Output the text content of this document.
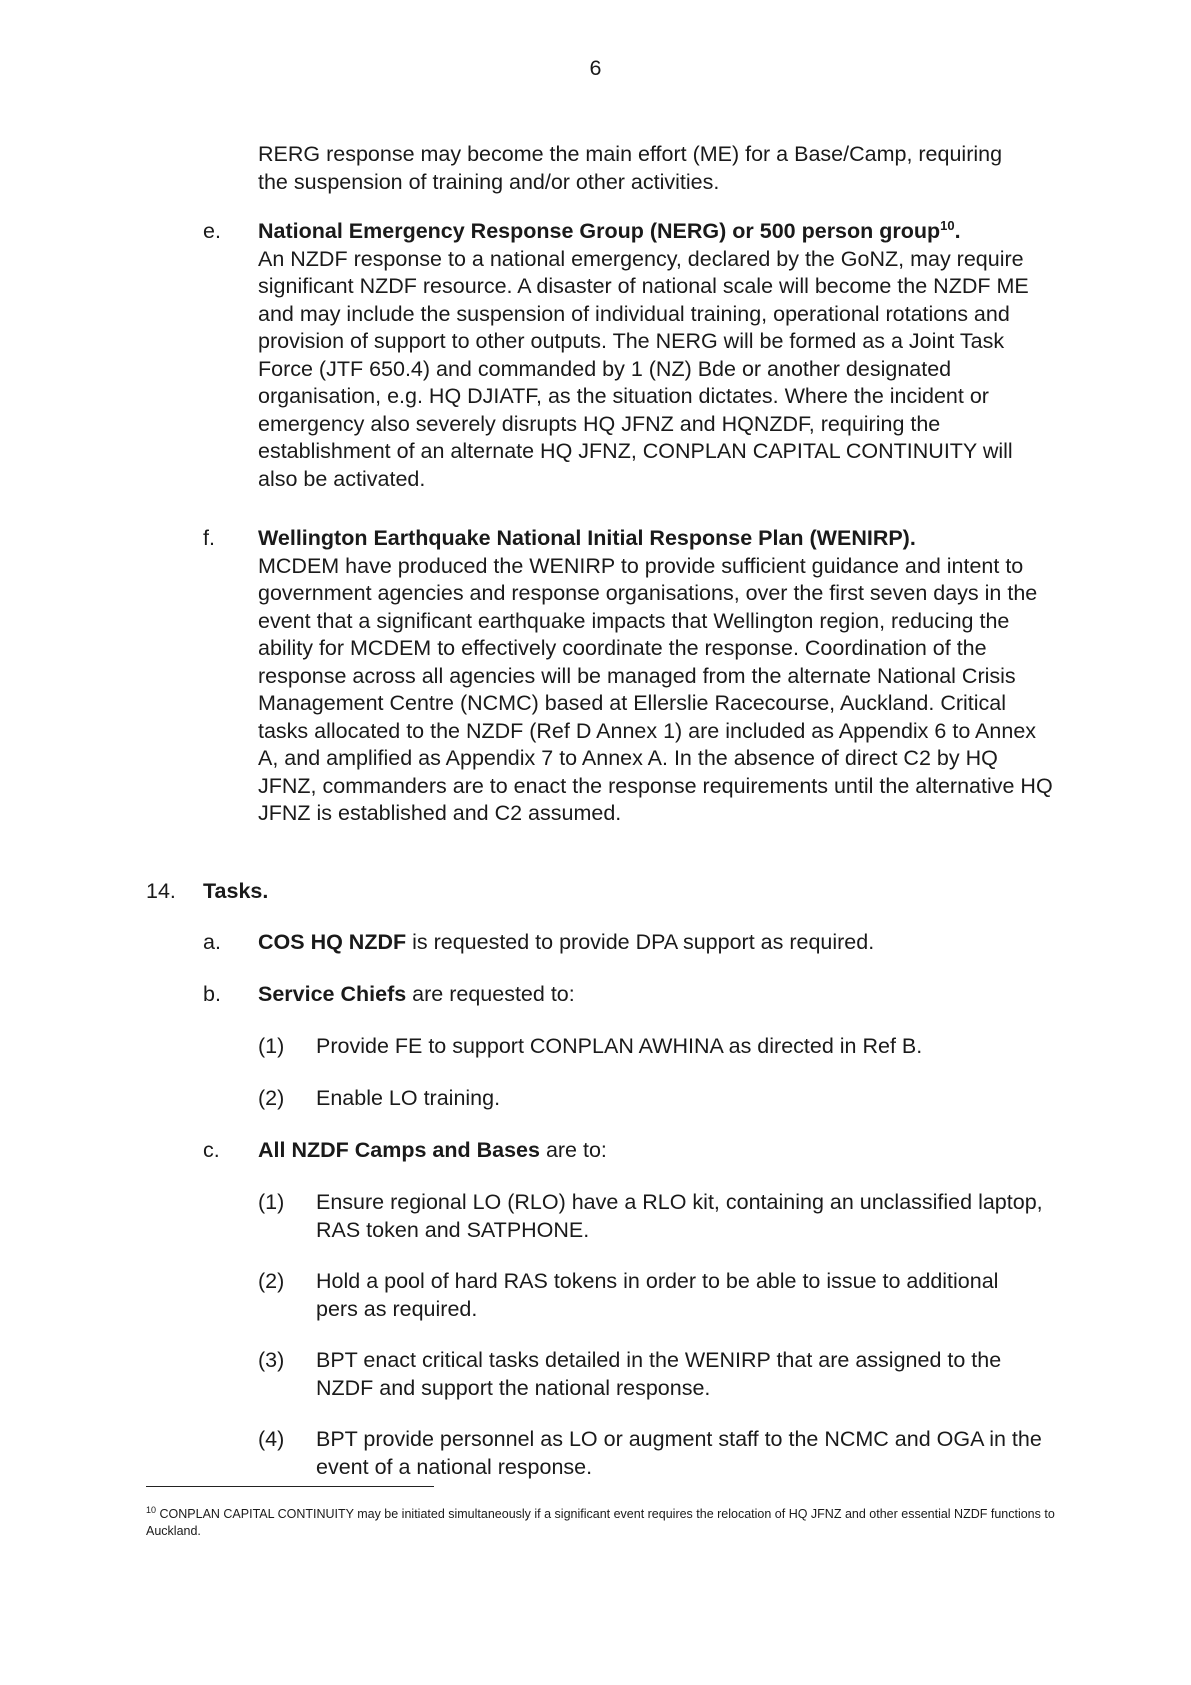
6
RERG response may become the main effort (ME) for a Base/Camp, requiring the suspension of training and/or other activities.
e. National Emergency Response Group (NERG) or 500 person group$^{10}$.
An NZDF response to a national emergency, declared by the GoNZ, may require significant NZDF resource. A disaster of national scale will become the NZDF ME and may include the suspension of individual training, operational rotations and provision of support to other outputs. The NERG will be formed as a Joint Task Force (JTF 650.4) and commanded by 1 (NZ) Bde or another designated organisation, e.g. HQ DJIATF, as the situation dictates. Where the incident or emergency also severely disrupts HQ JFNZ and HQNZDF, requiring the establishment of an alternate HQ JFNZ, CONPLAN CAPITAL CONTINUITY will also be activated.
f. Wellington Earthquake National Initial Response Plan (WENIRP).
MCDEM have produced the WENIRP to provide sufficient guidance and intent to government agencies and response organisations, over the first seven days in the event that a significant earthquake impacts that Wellington region, reducing the ability for MCDEM to effectively coordinate the response. Coordination of the response across all agencies will be managed from the alternate National Crisis Management Centre (NCMC) based at Ellerslie Racecourse, Auckland. Critical tasks allocated to the NZDF (Ref D Annex 1) are included as Appendix 6 to Annex A, and amplified as Appendix 7 to Annex A. In the absence of direct C2 by HQ JFNZ, commanders are to enact the response requirements until the alternative HQ JFNZ is established and C2 assumed.
14. Tasks.
a. COS HQ NZDF is requested to provide DPA support as required.
b. Service Chiefs are requested to:
(1) Provide FE to support CONPLAN AWHINA as directed in Ref B.
(2) Enable LO training.
c. All NZDF Camps and Bases are to:
(1) Ensure regional LO (RLO) have a RLO kit, containing an unclassified laptop, RAS token and SATPHONE.
(2) Hold a pool of hard RAS tokens in order to be able to issue to additional pers as required.
(3) BPT enact critical tasks detailed in the WENIRP that are assigned to the NZDF and support the national response.
(4) BPT provide personnel as LO or augment staff to the NCMC and OGA in the event of a national response.
$^{10}$ CONPLAN CAPITAL CONTINUITY may be initiated simultaneously if a significant event requires the relocation of HQ JFNZ and other essential NZDF functions to Auckland.
